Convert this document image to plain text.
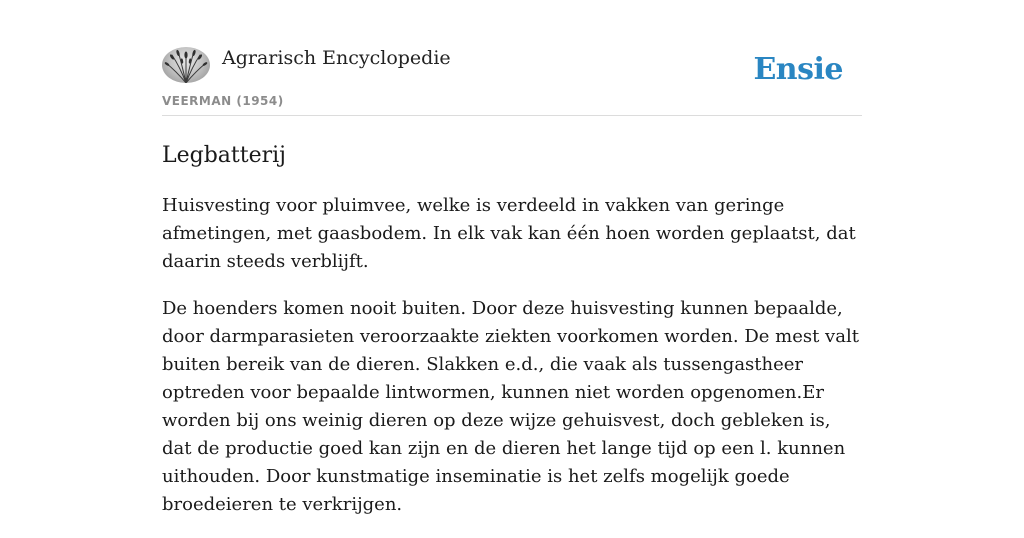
Agrarisch Encyclopedie
VEERMAN (1954)
Ensie
Legbatterij

Huisvesting voor pluimvee, welke is verdeeld in vakken van geringe afmetingen, met gaasbodem. In elk vak kan één hoen worden geplaatst, dat daarin steeds verblijft.

De hoenders komen nooit buiten. Door deze huisvesting kunnen bepaalde, door darmparasieten veroorzaakte ziekten voorkomen worden. De mest valt buiten bereik van de dieren. Slakken e.d., die vaak als tussengastheer optreden voor bepaalde lintwormen, kunnen niet worden opgenomen.Er worden bij ons weinig dieren op deze wijze gehuisvest, doch gebleken is, dat de productie goed kan zijn en de dieren het lange tijd op een l. kunnen uithouden. Door kunstmatige inseminatie is het zelfs mogelijk goede broedeieren te verkrijgen.
